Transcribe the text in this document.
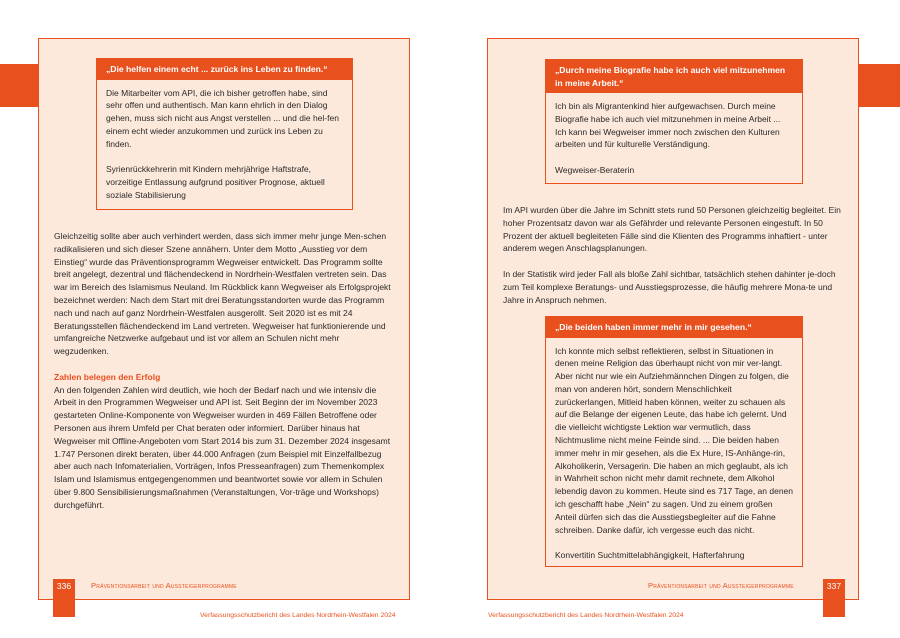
„Die helfen einem echt ... zurück ins Leben zu finden.“

Die Mitarbeiter vom API, die ich bisher getroffen habe, sind sehr offen und authentisch. Man kann ehrlich in den Dialog gehen, muss sich nicht aus Angst verstellen ... und die hel-fen einem echt wieder anzukommen und zurück ins Leben zu finden.

Syrienrückkehrerin mit Kindern mehrjährige Haftstrafe, vorzeitige Entlassung aufgrund positiver Prognose, aktuell soziale Stabilisierung

Gleichzeitig sollte aber auch verhindert werden, dass sich immer mehr junge Men-schen radikalisieren und sich dieser Szene annähern. Unter dem Motto „Ausstieg vor dem Einstieg“ wurde das Präventionsprogramm Wegweiser entwickelt. Das Programm sollte breit angelegt, dezentral und flächendeckend in Nordrhein-Westfalen vertreten sein. Das war im Bereich des Islamismus Neuland. Im Rückblick kann Wegweiser als Erfolgsprojekt bezeichnet werden: Nach dem Start mit drei Beratungsstandorten wurde das Programm nach und nach auf ganz Nordrhein-Westfalen ausgerollt. Seit 2020 ist es mit 24 Beratungsstellen flächendeckend im Land vertreten. Wegweiser hat funktionierende und umfangreiche Netzwerke aufgebaut und ist vor allem an Schulen nicht mehr wegzudenken.

Zahlen belegen den Erfolg
An den folgenden Zahlen wird deutlich, wie hoch der Bedarf nach und wie intensiv die Arbeit in den Programmen Wegweiser und API ist. Seit Beginn der im November 2023 gestarteten Online-Komponente von Wegweiser wurden in 469 Fällen Betroffene oder Personen aus ihrem Umfeld per Chat beraten oder informiert. Darüber hinaus hat Wegweiser mit Offline-Angeboten vom Start 2014 bis zum 31. Dezember 2024 insgesamt 1.747 Personen direkt beraten, über 44.000 Anfragen (zum Beispiel mit Einzelfallbezug aber auch nach Infomaterialien, Vorträgen, Infos Presseanfragen) zum Themenkomplex Islam und Islamismus entgegengenommen und beantwortet sowie vor allem in Schulen über 9.800 Sensibilisierungsmaßnahmen (Veranstaltungen, Vor-träge und Workshops) durchgeführt.

336	Präventionsarbeit und Aussteigerprogramme
Verfassungsschutzbericht des Landes Nordrhein-Westfalen 2024
„Durch meine Biografie habe ich auch viel mitzunehmen in meine Arbeit.“

Ich bin als Migrantenkind hier aufgewachsen. Durch meine Biografie habe ich auch viel mitzunehmen in meine Arbeit ... Ich kann bei Wegweiser immer noch zwischen den Kulturen arbeiten und für kulturelle Verständigung.

Wegweiser-Beraterin

Im API wurden über die Jahre im Schnitt stets rund 50 Personen gleichzeitig begleitet. Ein hoher Prozentsatz davon war als Gefährder und relevante Personen eingestuft. In 50 Prozent der aktuell begleiteten Fälle sind die Klienten des Programms inhaftiert - unter anderem wegen Anschlagsplanungen.

In der Statistik wird jeder Fall als bloße Zahl sichtbar, tatsächlich stehen dahinter je-doch zum Teil komplexe Beratungs- und Ausstiegsprozesse, die häufig mehrere Mona-te und Jahre in Anspruch nehmen.

„Die beiden haben immer mehr in mir gesehen.“

Ich konnte mich selbst reflektieren, selbst in Situationen in denen meine Religion das überhaupt nicht von mir ver-langt. Aber nicht nur wie ein Aufziehmännchen Dingen zu folgen, die man von anderen hört, sondern Menschlichkeit zurückerlangen, Mitleid haben können, weiter zu schauen als auf die Belange der eigenen Leute, das habe ich gelernt. Und die vielleicht wichtigste Lektion war vermutlich, dass Nichtmuslime nicht meine Feinde sind. ... Die beiden haben immer mehr in mir gesehen, als die Ex Hure, IS-Anhänge-rin, Alkoholikerin, Versagerin. Die haben an mich geglaubt, als ich in Wahrheit schon nicht mehr damit rechnete, dem Alkohol lebendig davon zu kommen. Heute sind es 717 Tage, an denen ich geschafft habe „Nein“ zu sagen. Und zu einem großen Anteil dürfen sich das die Ausstiegsbegleiter auf die Fahne schreiben. Danke dafür, ich vergesse euch das nicht.

Konvertitin Suchtmittelabhängigkeit, Hafterfahrung

Präventionsarbeit und Aussteigerprogramme	337
Verfassungsschutzbericht des Landes Nordrhein-Westfalen 2024
